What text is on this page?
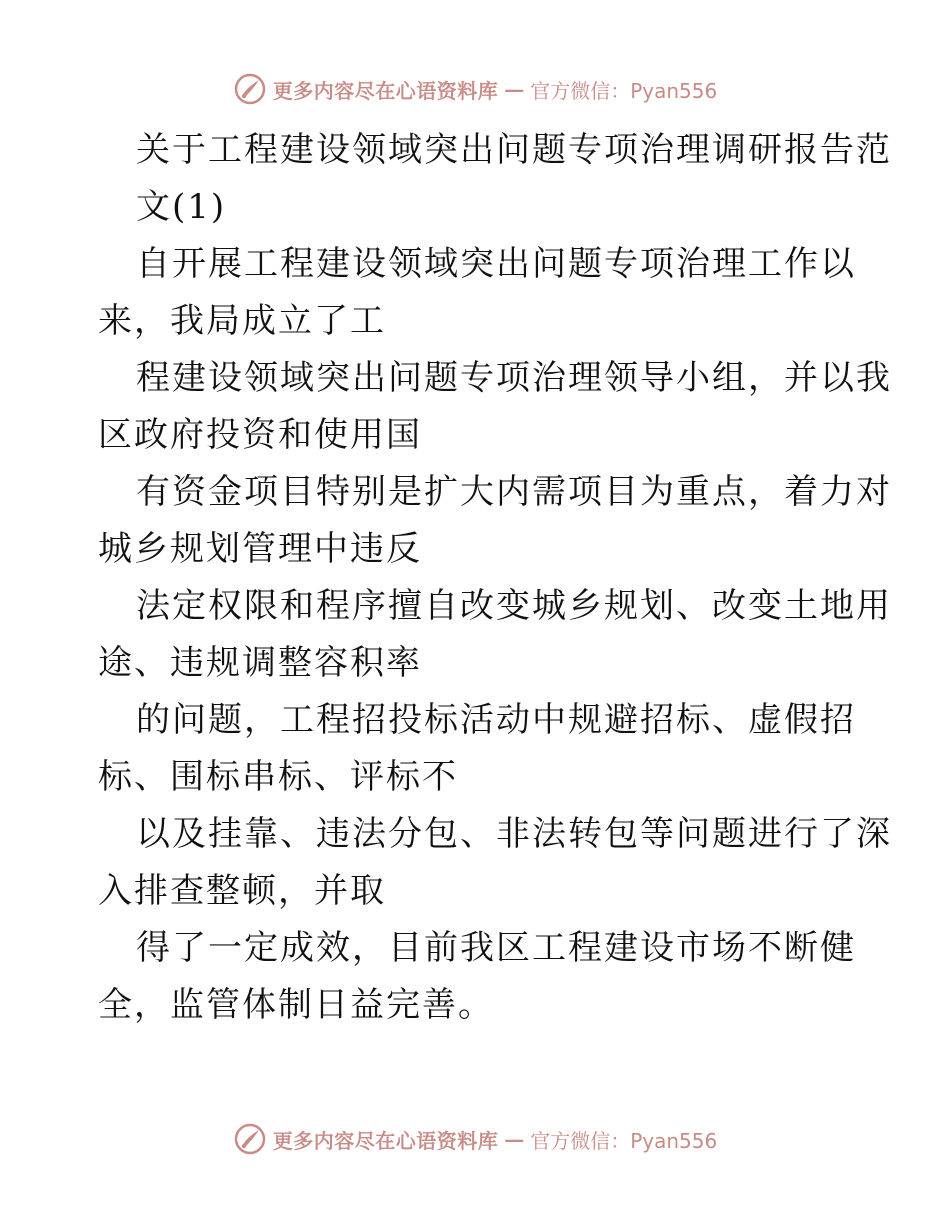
更多内容尽在心语资料库 — 官方微信：Pyan556
关于工程建设领域突出问题专项治理调研报告范
文(1)
自开展工程建设领域突出问题专项治理工作以
来，我局成立了工
程建设领域突出问题专项治理领导小组，并以我
区政府投资和使用国
有资金项目特别是扩大内需项目为重点，着力对
城乡规划管理中违反
法定权限和程序擅自改变城乡规划、改变土地用
途、违规调整容积率
的问题，工程招投标活动中规避招标、虚假招
标、围标串标、评标不
以及挂靠、违法分包、非法转包等问题进行了深
入排查整顿，并取
得了一定成效，目前我区工程建设市场不断健
全，监管体制日益完善。
更多内容尽在心语资料库 — 官方微信：Pyan556
